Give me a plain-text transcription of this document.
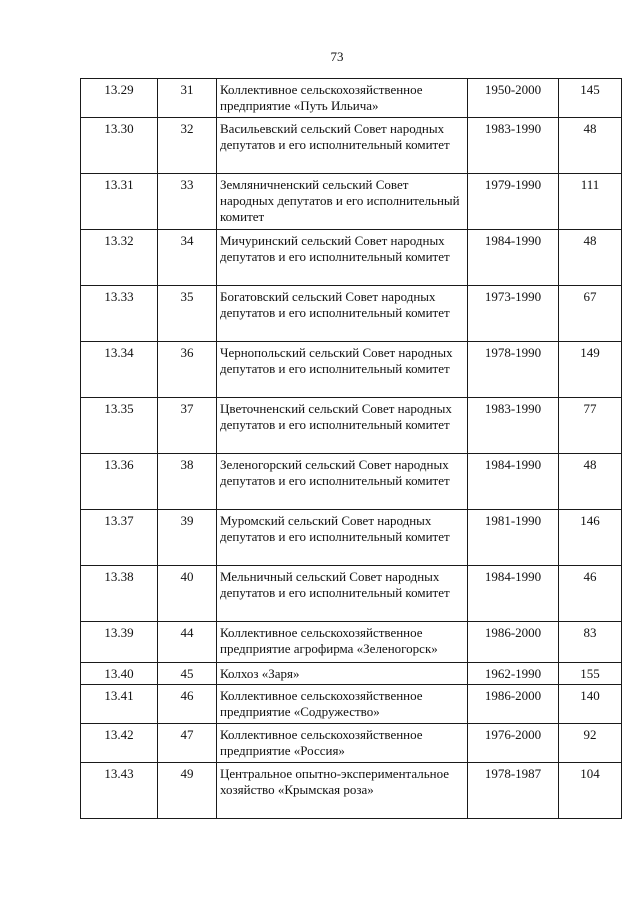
73
13.29	31	Коллективное сельскохозяйственное предприятие «Путь Ильича»	1950-2000	145
13.30	32	Васильевский сельский Совет народных депутатов и его исполнительный комитет	1983-1990	48
13.31	33	Земляничненский сельский Совет народных депутатов и его исполнительный комитет	1979-1990	111
13.32	34	Мичуринский сельский Совет народных депутатов и его исполнительный комитет	1984-1990	48
13.33	35	Богатовский сельский Совет народных депутатов и его исполнительный комитет	1973-1990	67
13.34	36	Чернопольский сельский Совет народных депутатов и его исполнительный комитет	1978-1990	149
13.35	37	Цветочненский сельский Совет народных депутатов и его исполнительный комитет	1983-1990	77
13.36	38	Зеленогорский сельский Совет народных депутатов и его исполнительный комитет	1984-1990	48
13.37	39	Муромский сельский Совет народных депутатов и его исполнительный комитет	1981-1990	146
13.38	40	Мельничный сельский Совет народных депутатов и его исполнительный комитет	1984-1990	46
13.39	44	Коллективное сельскохозяйственное предприятие агрофирма «Зеленогорск»	1986-2000	83
13.40	45	Колхоз «Заря»	1962-1990	155
13.41	46	Коллективное сельскохозяйственное предприятие «Содружество»	1986-2000	140
13.42	47	Коллективное сельскохозяйственное предприятие «Россия»	1976-2000	92
13.43	49	Центральное опытно-экспериментальное хозяйство «Крымская роза»	1978-1987	104
